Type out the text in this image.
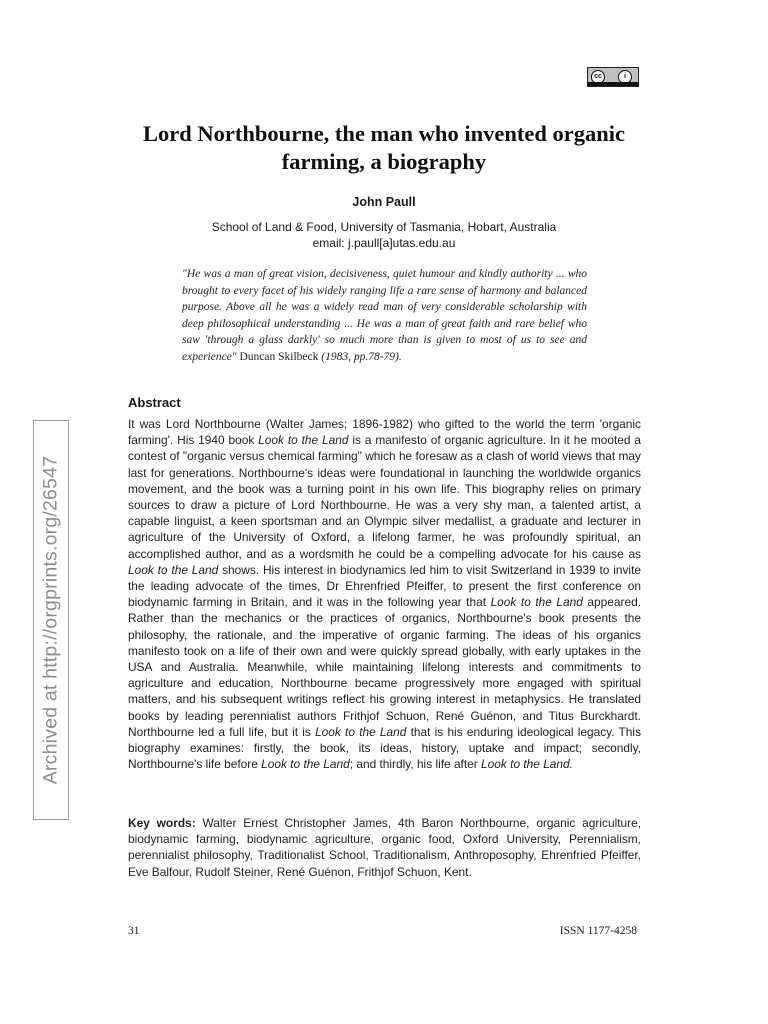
cc	i
Lord Northbourne, the man who invented organic farming, a biography
John Paull
School of Land & Food, University of Tasmania, Hobart, Australia
email: j.paull[a]utas.edu.au

"He was a man of great vision, decisiveness, quiet humour and kindly authority ... who brought to every facet of his widely ranging life a rare sense of harmony and balanced purpose. Above all he was a widely read man of very considerable scholarship with deep philosophical understanding ... He was a man of great faith and rare belief who saw 'through a glass darkly' so much more than is given to most of us to see and experience" Duncan Skilbeck (1983, pp.78-79).

Abstract

It was Lord Northbourne (Walter James; 1896-1982) who gifted to the world the term 'organic farming'. His 1940 book Look to the Land is a manifesto of organic agriculture. In it he mooted a contest of "organic versus chemical farming" which he foresaw as a clash of world views that may last for generations. Northbourne's ideas were foundational in launching the worldwide organics movement, and the book was a turning point in his own life. This biography relies on primary sources to draw a picture of Lord Northbourne. He was a very shy man, a talented artist, a capable linguist, a keen sportsman and an Olympic silver medallist, a graduate and lecturer in agriculture of the University of Oxford, a lifelong farmer, he was profoundly spiritual, an accomplished author, and as a wordsmith he could be a compelling advocate for his cause as Look to the Land shows. His interest in biodynamics led him to visit Switzerland in 1939 to invite the leading advocate of the times, Dr Ehrenfried Pfeiffer, to present the first conference on biodynamic farming in Britain, and it was in the following year that Look to the Land appeared. Rather than the mechanics or the practices of organics, Northbourne's book presents the philosophy, the rationale, and the imperative of organic farming. The ideas of his organics manifesto took on a life of their own and were quickly spread globally, with early uptakes in the USA and Australia. Meanwhile, while maintaining lifelong interests and commitments to agriculture and education, Northbourne became progressively more engaged with spiritual matters, and his subsequent writings reflect his growing interest in metaphysics. He translated books by leading perennialist authors Frithjof Schuon, René Guénon, and Titus Burckhardt. Northbourne led a full life, but it is Look to the Land that is his enduring ideological legacy. This biography examines: firstly, the book, its ideas, history, uptake and impact; secondly, Northbourne's life before Look to the Land; and thirdly, his life after Look to the Land.

Key words: Walter Ernest Christopher James, 4th Baron Northbourne, organic agriculture, biodynamic farming, biodynamic agriculture, organic food, Oxford University, Perennialism, perennialist philosophy, Traditionalist School, Traditionalism, Anthroposophy, Ehrenfried Pfeiffer, Eve Balfour, Rudolf Steiner, René Guénon, Frithjof Schuon, Kent.

31	ISSN 1177-4258
Archived at http://orgprints.org/26547
